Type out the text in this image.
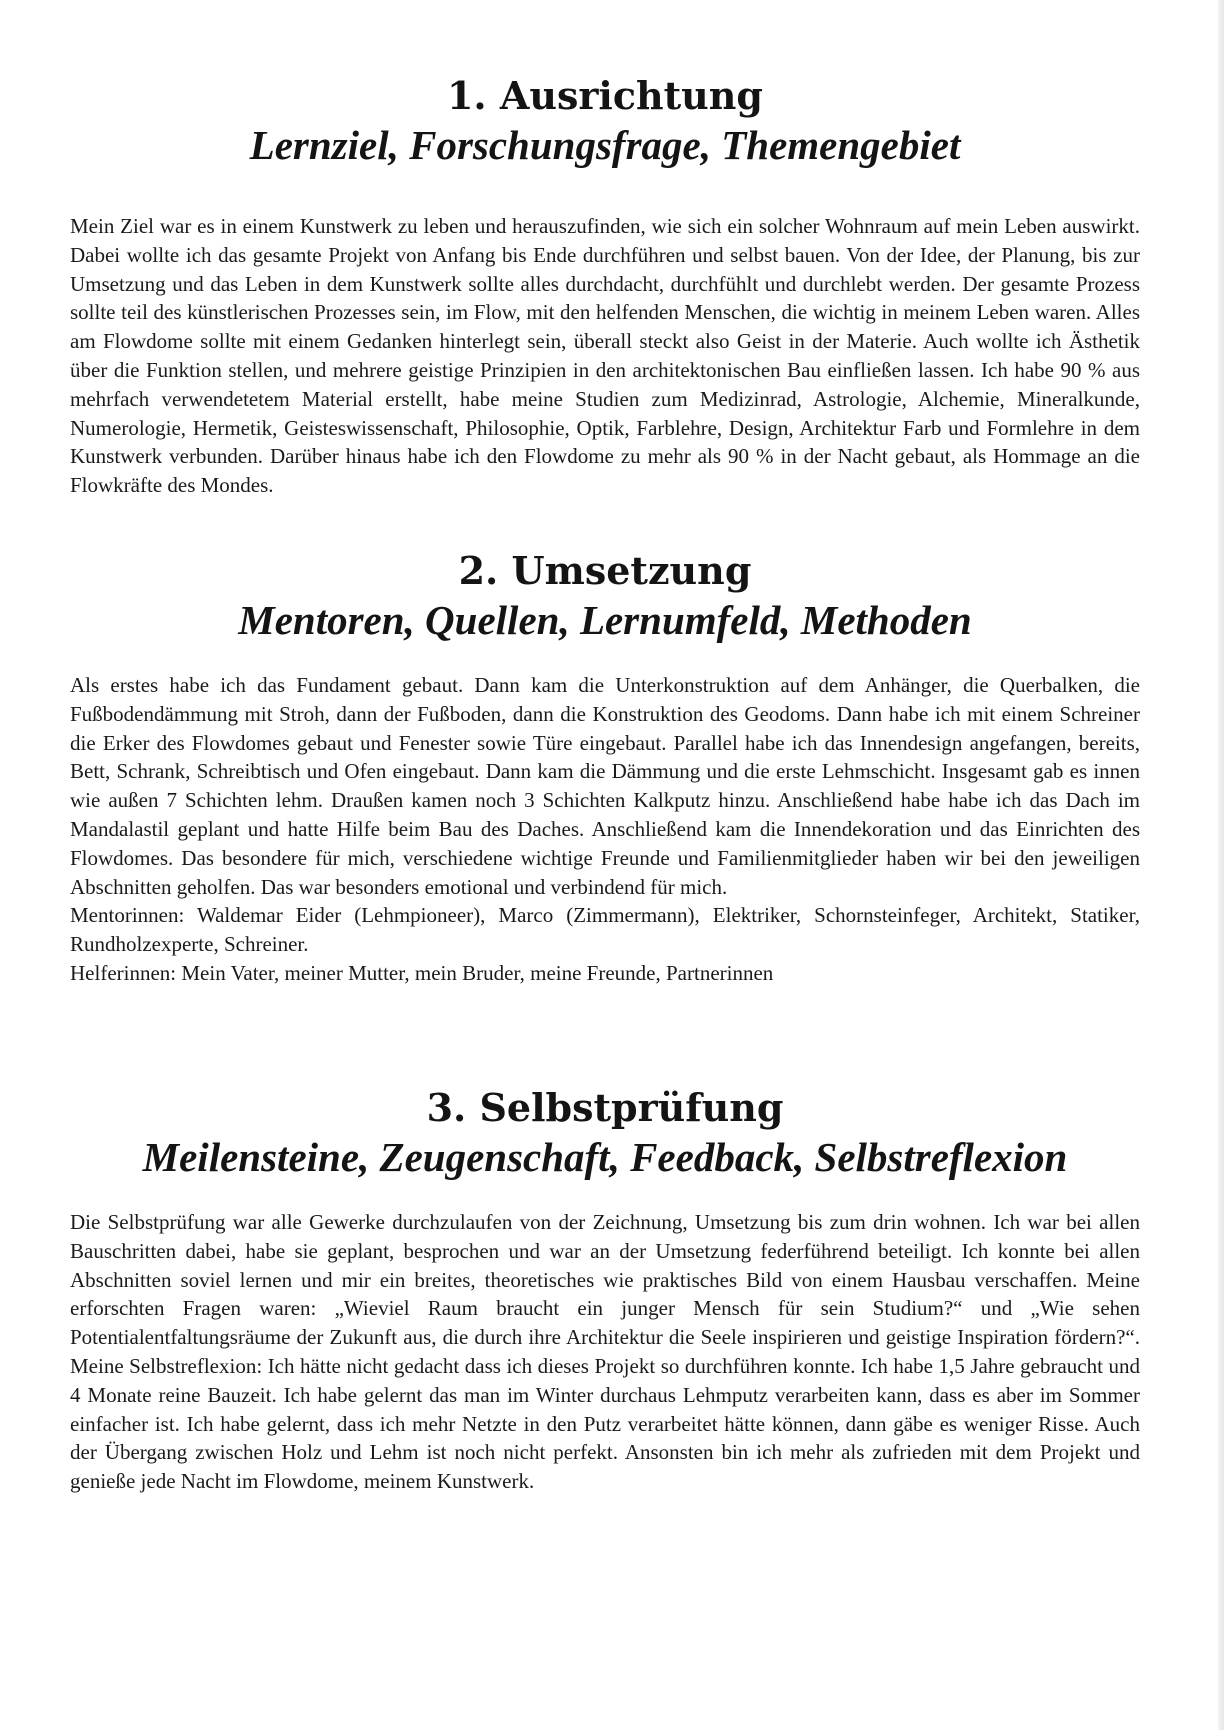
1. Ausrichtung
Lernziel, Forschungsfrage, Themengebiet

Mein Ziel war es in einem Kunstwerk zu leben und herauszufinden, wie sich ein solcher Wohnraum auf mein Leben auswirkt. Dabei wollte ich das gesamte Projekt von Anfang bis Ende durchführen und selbst bauen. Von der Idee, der Planung, bis zur Umsetzung und das Leben in dem Kunstwerk sollte alles durchdacht, durchfühlt und durchlebt werden. Der gesamte Prozess sollte teil des künstlerischen Prozesses sein, im Flow, mit den helfenden Menschen, die wichtig in meinem Leben waren. Alles am Flowdome sollte mit einem Gedanken hinterlegt sein, überall steckt also Geist in der Materie. Auch wollte ich Ästhetik über die Funktion stellen, und mehrere geistige Prinzipien in den architektonischen Bau einfließen lassen. Ich habe 90 % aus mehrfach verwendetetem Material erstellt, habe meine Studien zum Medizinrad, Astrologie, Alchemie, Mineralkunde, Numerologie, Hermetik, Geisteswissenschaft, Philosophie, Optik, Farblehre, Design, Architektur Farb und Formlehre in dem Kunstwerk verbunden. Darüber hinaus habe ich den Flowdome zu mehr als 90 % in der Nacht gebaut, als Hommage an die Flowkräfte des Mondes.

2. Umsetzung
Mentoren, Quellen, Lernumfeld, Methoden

Als erstes habe ich das Fundament gebaut. Dann kam die Unterkonstruktion auf dem Anhänger, die Querbalken, die Fußbodendämmung mit Stroh, dann der Fußboden, dann die Konstruktion des Geodoms. Dann habe ich mit einem Schreiner die Erker des Flowdomes gebaut und Fenester sowie Türe eingebaut. Parallel habe ich das Innendesign angefangen, bereits, Bett, Schrank, Schreibtisch und Ofen eingebaut. Dann kam die Dämmung und die erste Lehmschicht. Insgesamt gab es innen wie außen 7 Schichten lehm. Draußen kamen noch 3 Schichten Kalkputz hinzu. Anschließend habe habe ich das Dach im Mandalastil geplant und hatte Hilfe beim Bau des Daches. Anschließend kam die Innendekoration und das Einrichten des Flowdomes. Das besondere für mich, verschiedene wichtige Freunde und Familienmitglieder haben wir bei den jeweiligen Abschnitten geholfen. Das war besonders emotional und verbindend für mich.

Mentorinnen: Waldemar Eider (Lehmpioneer), Marco (Zimmermann), Elektriker, Schornsteinfeger, Architekt, Statiker, Rundholzexperte, Schreiner.

Helferinnen: Mein Vater, meiner Mutter, mein Bruder, meine Freunde, Partnerinnen

3. Selbstprüfung
Meilensteine, Zeugenschaft, Feedback, Selbstreflexion

Die Selbstprüfung war alle Gewerke durchzulaufen von der Zeichnung, Umsetzung bis zum drin wohnen. Ich war bei allen Bauschritten dabei, habe sie geplant, besprochen und war an der Umsetzung federführend beteiligt. Ich konnte bei allen Abschnitten soviel lernen und mir ein breites, theoretisches wie praktisches Bild von einem Hausbau verschaffen. Meine erforschten Fragen waren: „Wieviel Raum braucht ein junger Mensch für sein Studium?“ und „Wie sehen Potentialentfaltungsräume der Zukunft aus, die durch ihre Architektur die Seele inspirieren und geistige Inspiration fördern?“. Meine Selbstreflexion: Ich hätte nicht gedacht dass ich dieses Projekt so durchführen konnte. Ich habe 1,5 Jahre gebraucht und 4 Monate reine Bauzeit. Ich habe gelernt das man im Winter durchaus Lehmputz verarbeiten kann, dass es aber im Sommer einfacher ist. Ich habe gelernt, dass ich mehr Netzte in den Putz verarbeitet hätte können, dann gäbe es weniger Risse. Auch der Übergang zwischen Holz und Lehm ist noch nicht perfekt. Ansonsten bin ich mehr als zufrieden mit dem Projekt und genieße jede Nacht im Flowdome, meinem Kunstwerk.
